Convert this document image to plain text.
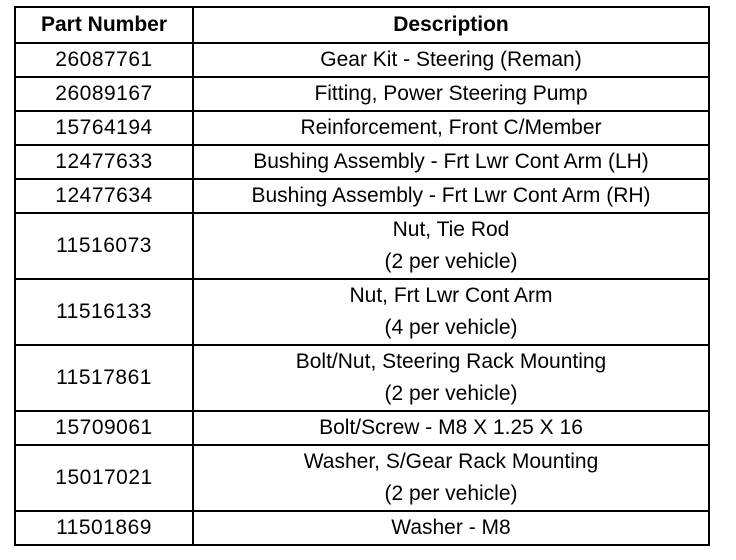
Part Number	Description
26087761	Gear Kit - Steering (Reman)

26089167	Fitting, Power Steering Pump

15764194	Reinforcement, Front C/Member

12477633	Bushing Assembly - Frt Lwr Cont Arm (LH)

12477634	Bushing Assembly - Frt Lwr Cont Arm (RH)

11516073	Nut, Tie Rod
(2 per vehicle)

11516133	Nut, Frt Lwr Cont Arm
(4 per vehicle)

11517861	Bolt/Nut, Steering Rack Mounting
(2 per vehicle)

15709061	Bolt/Screw - M8 X 1.25 X 16

15017021	Washer, S/Gear Rack Mounting
(2 per vehicle)

11501869	Washer - M8
